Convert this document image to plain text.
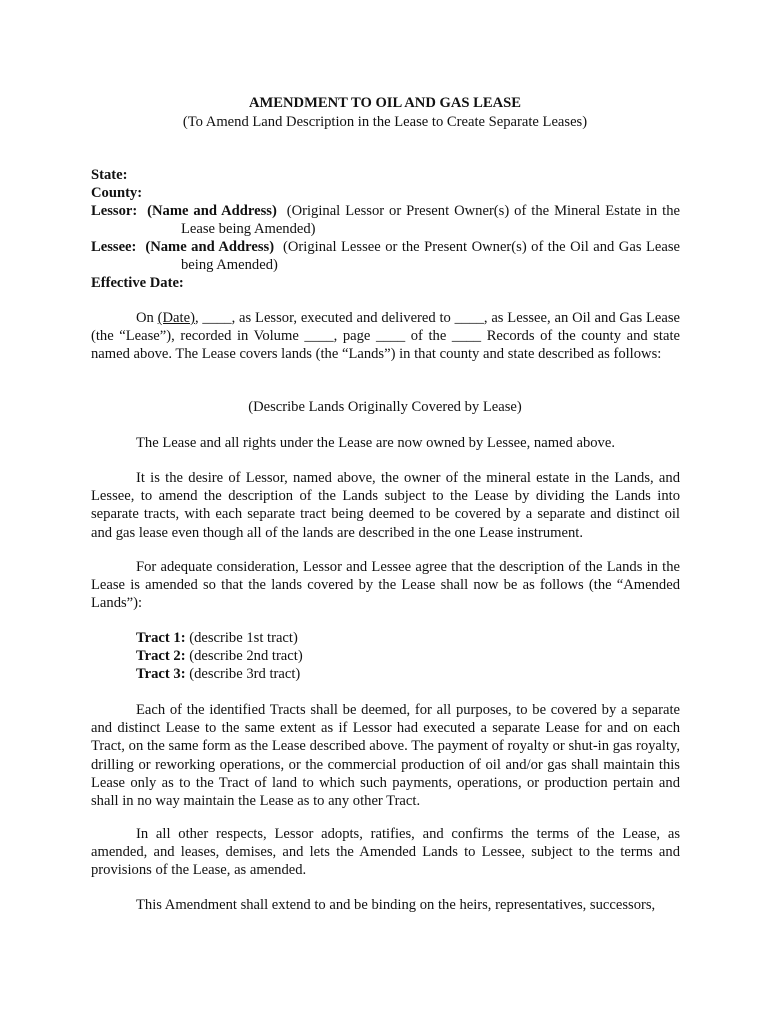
AMENDMENT TO OIL AND GAS LEASE
(To Amend Land Description in the Lease to Create Separate Leases)
State:
County:
Lessor: (Name and Address) (Original Lessor or Present Owner(s) of the Mineral Estate in the Lease being Amended)
Lessee: (Name and Address) (Original Lessee or the Present Owner(s) of the Oil and Gas Lease being Amended)
Effective Date:
On (Date), ____, as Lessor, executed and delivered to ____, as Lessee, an Oil and Gas Lease (the “Lease”), recorded in Volume ____, page ____ of the ____ Records of the county and state named above. The Lease covers lands (the “Lands”) in that county and state described as follows:
(Describe Lands Originally Covered by Lease)
The Lease and all rights under the Lease are now owned by Lessee, named above.
It is the desire of Lessor, named above, the owner of the mineral estate in the Lands, and Lessee, to amend the description of the Lands subject to the Lease by dividing the Lands into separate tracts, with each separate tract being deemed to be covered by a separate and distinct oil and gas lease even though all of the lands are described in the one Lease instrument.
For adequate consideration, Lessor and Lessee agree that the description of the Lands in the Lease is amended so that the lands covered by the Lease shall now be as follows (the “Amended Lands”):
Tract 1: (describe 1st tract)
Tract 2: (describe 2nd tract)
Tract 3: (describe 3rd tract)
Each of the identified Tracts shall be deemed, for all purposes, to be covered by a separate and distinct Lease to the same extent as if Lessor had executed a separate Lease for and on each Tract, on the same form as the Lease described above. The payment of royalty or shut-in gas royalty, drilling or reworking operations, or the commercial production of oil and/or gas shall maintain this Lease only as to the Tract of land to which such payments, operations, or production pertain and shall in no way maintain the Lease as to any other Tract.
In all other respects, Lessor adopts, ratifies, and confirms the terms of the Lease, as amended, and leases, demises, and lets the Amended Lands to Lessee, subject to the terms and provisions of the Lease, as amended.
This Amendment shall extend to and be binding on the heirs, representatives, successors,
